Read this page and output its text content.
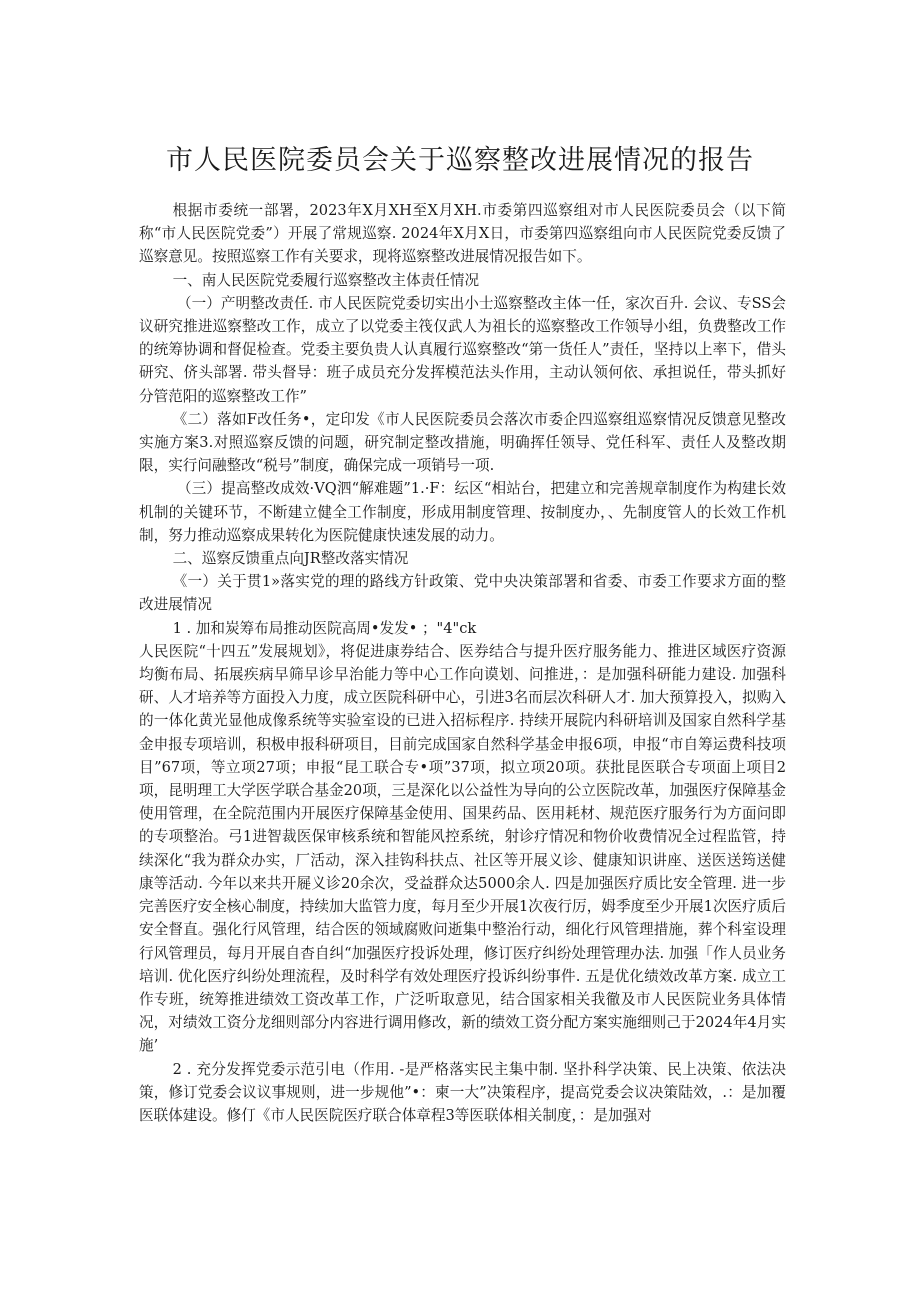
市人民医院委员会关于巡察整改进展情况的报告

根据市委统一部署，2023年X月XH至X月XH.市委第四巡察组对市人民医院委员会（以下简称“市人民医院党委”）开展了常规巡察. 2024年X月X日，市委第四巡察组向市人民医院党委反馈了巡察意见。按照巡察工作有关要求，现将巡察整改进展情况报告如下。

一、南人民医院党委履行巡察整改主体责任情况

（一）产明整改责任. 市人民医院党委切实出小士巡察整改主体一任，家次百升. 会议、专SS会议研究推进巡察整改工作，成立了以党委主筏仅武人为祖长的巡察整改工作领导小组，负费整改工作的统筹协调和督促检查。党委主要负贵人认真履行巡察整改“第一货任人”责任，坚持以上率下，借头研究、侪头部署. 带头督导：班子成员充分发挥模范法头作用，主动认领何依、承担说任，带头抓好分管范阳的巡察整改工作”

《二）落如F改任务•，定印发《市人民医院委员会落次市委企四巡察组巡察情况反馈意见整改实施方案3.对照巡察反馈的问题，研究制定整改措施，明确挥任领导、党任科军、责任人及整改期限，实行问融整改“税号”制度，确保完成一项销号一项.

（三）提高整改成效·VQ泗“解难题”1.·F：纭区“相站台，把建立和完善规章制度作为构建长效机制的关键环节，不断建立健全工作制度，形成用制度管理、按制度办，、先制度管人的长效工作机制，努力推动巡察成果转化为医院健康快速发展的动力。

二、巡察反馈重点向JR整改落实情况

《一）关于贯1»落实党的理的路线方针政策、党中央决策部署和省委、市委工作要求方面的整改进展情况

1 . 加和炭筹布局推动医院高周•发发• ；"4"ck

人民医院“十四五”发展规划》，将促进康券结合、医券结合与提升医疗服务能力、推进区域医疗资源均衡布局、拓展疾病早筛早诊早治能力等中心工作向谟划、问推进，：是加强科研能力建设. 加强科研、人才培养等方面投入力度，成立医院科研中心，引进3名而层次科研人才. 加大预算投入，拟购入的一体化黄光显他成像系统等实验室设的已进入招标程序. 持续开展院内科研培训及国家自然科学基金申报专项培训，积极申报科研项目，目前完成国家自然科学基金申报6项，申报“市自筹运费科技项目”67项，等立项27项；申报“昆工联合专•项”37项，拟立项20项。获批昆医联合专项面上项目2项，昆明理工大学医学联合基金20项，三是深化以公益性为导向的公立医院改革，加强医疗保障基金使用管理，在全院范围内开展医疗保障基金使用、国果药品、医用耗材、规范医疗服务行为方面问即的专项整治。弓1进智裁医保审核系统和智能风控系统，射诊疗情况和物价收费情况全过程监管，持续深化“我为群众办实，厂活动，深入挂钩科扶点、社区等开展义诊、健康知识讲座、送医送筠送健康等活动. 今年以来共开屣义诊20余次，受益群众达5000余人. 四是加强医疗质比安全管理. 进一步完善医疗安全核心制度，持续加大监管力度，每月至少开展1次夜行厉，姆季度至少开展1次医疗质后安全督直。强化行风管理，结合医的领域腐败问逝集中整治行动，细化行风管理措施，葬个科室设理行风管理员，每月开展自杳自纠“加强医疗投诉处理，修订医疗纠纷处理管理办法. 加强「作人员业务培训. 优化医疗纠纷处理流程，及时科学有效处理医疗投诉纠纷事件. 五是优化绩效改革方案. 成立工作专班，统筹推进绩效工资改革工作，广泛听取意见，结合国家相关我徹及市人民医院业务具体情况，对绩效工资分龙细则部分内容进行调用修改，新的绩效工资分配方案实施细则己于2024年4月实施’

2 . 充分发挥党委示范引电（作用. -是严格落实民主集中制. 坚扑科学决策、民上决策、依法决策，修订党委会议议事规则，进一步规他”•：柬一大”决策程序，提高党委会议决策陆效，.：是加覆医联体建设。修仃《市人民医院医疗联合体章程3等医联体相关制度，：是加强对
